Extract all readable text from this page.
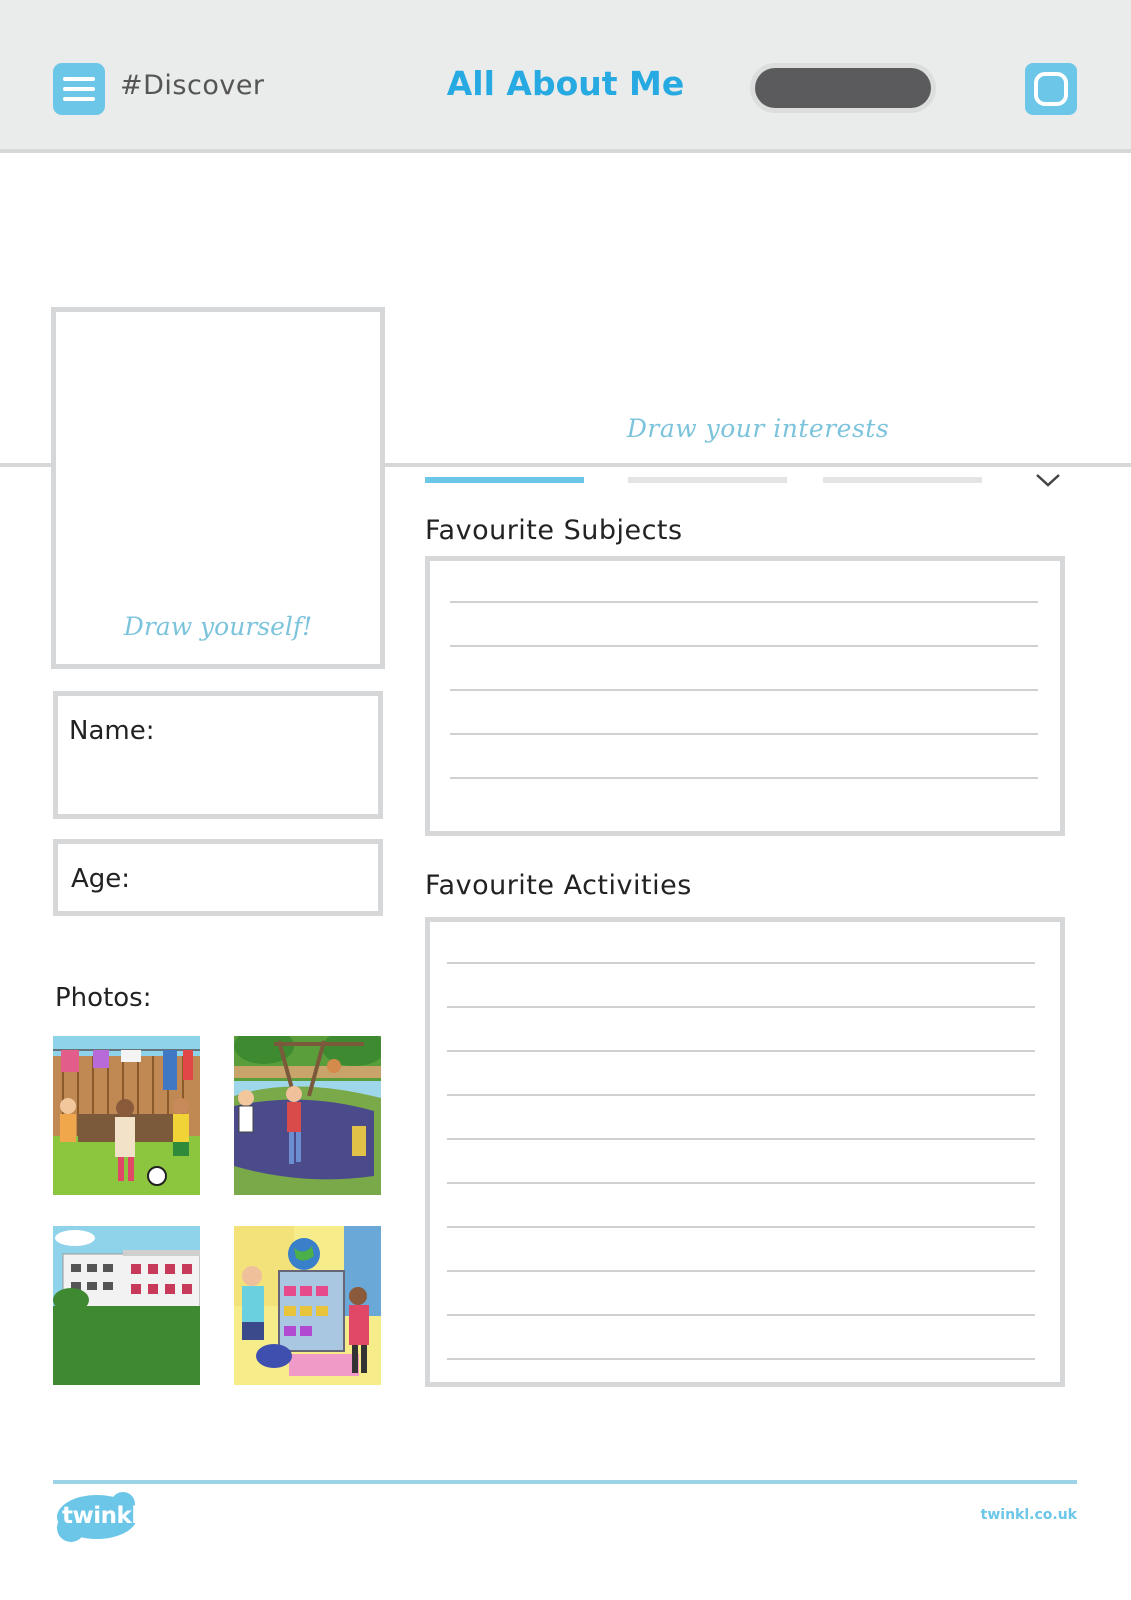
#Discover	All About Me
Draw your interests
Draw yourself!
Name:
Age:
Photos:
Favourite Subjects
Favourite Activities
twinkl	twinkl.co.uk
